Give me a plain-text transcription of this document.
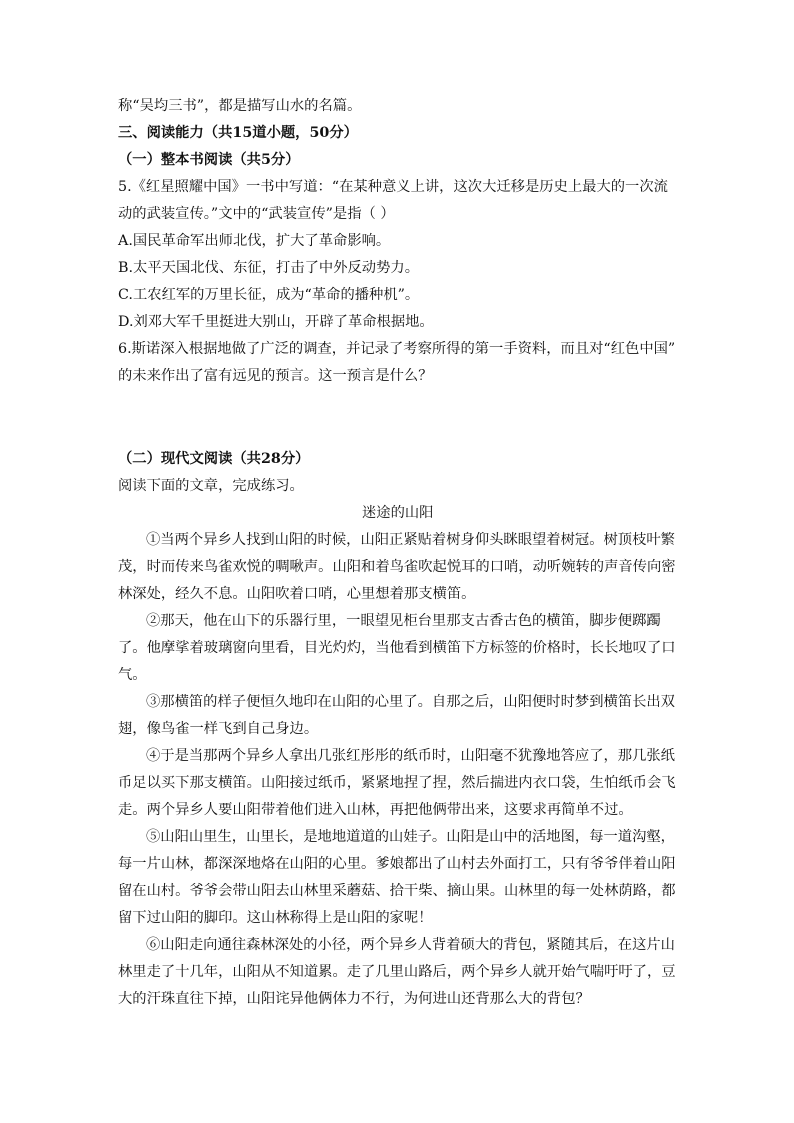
称“吴均三书”，都是描写山水的名篇。
三、阅读能力（共15道小题，50分）
（一）整本书阅读（共5分）
5.《红星照耀中国》一书中写道：“在某种意义上讲，这次大迁移是历史上最大的一次流
动的武装宣传。”文中的“武装宣传”是指（ ）
A.国民革命军出师北伐，扩大了革命影响。
B.太平天国北伐、东征，打击了中外反动势力。
C.工农红军的万里长征，成为“革命的播种机”。
D.刘邓大军千里挺进大别山，开辟了革命根据地。
6.斯诺深入根据地做了广泛的调查，并记录了考察所得的第一手资料，而且对“红色中国”
的未来作出了富有远见的预言。这一预言是什么？
（二）现代文阅读（共28分）
阅读下面的文章，完成练习。
迷途的山阳
①当两个异乡人找到山阳的时候，山阳正紧贴着树身仰头眯眼望着树冠。树顶枝叶繁
茂，时而传来鸟雀欢悦的啁啾声。山阳和着鸟雀吹起悦耳的口哨，动听婉转的声音传向密
林深处，经久不息。山阳吹着口哨，心里想着那支横笛。
②那天，他在山下的乐器行里，一眼望见柜台里那支古香古色的横笛，脚步便踯躅
了。他摩挲着玻璃窗向里看，目光灼灼，当他看到横笛下方标签的价格时，长长地叹了口
气。
③那横笛的样子便恒久地印在山阳的心里了。自那之后，山阳便时时梦到横笛长出双
翅，像鸟雀一样飞到自己身边。
④于是当那两个异乡人拿出几张红彤彤的纸币时，山阳毫不犹豫地答应了，那几张纸
币足以买下那支横笛。山阳接过纸币，紧紧地捏了捏，然后揣进内衣口袋，生怕纸币会飞
走。两个异乡人要山阳带着他们进入山林，再把他俩带出来，这要求再简单不过。
⑤山阳山里生，山里长，是地地道道的山娃子。山阳是山中的活地图，每一道沟壑，
每一片山林，都深深地烙在山阳的心里。爹娘都出了山村去外面打工，只有爷爷伴着山阳
留在山村。爷爷会带山阳去山林里采蘑菇、拾干柴、摘山果。山林里的每一处林荫路，都
留下过山阳的脚印。这山林称得上是山阳的家呢！
⑥山阳走向通往森林深处的小径，两个异乡人背着硕大的背包，紧随其后，在这片山
林里走了十几年，山阳从不知道累。走了几里山路后，两个异乡人就开始气喘吁吁了，豆
大的汗珠直往下掉，山阳诧异他俩体力不行，为何进山还背那么大的背包？
